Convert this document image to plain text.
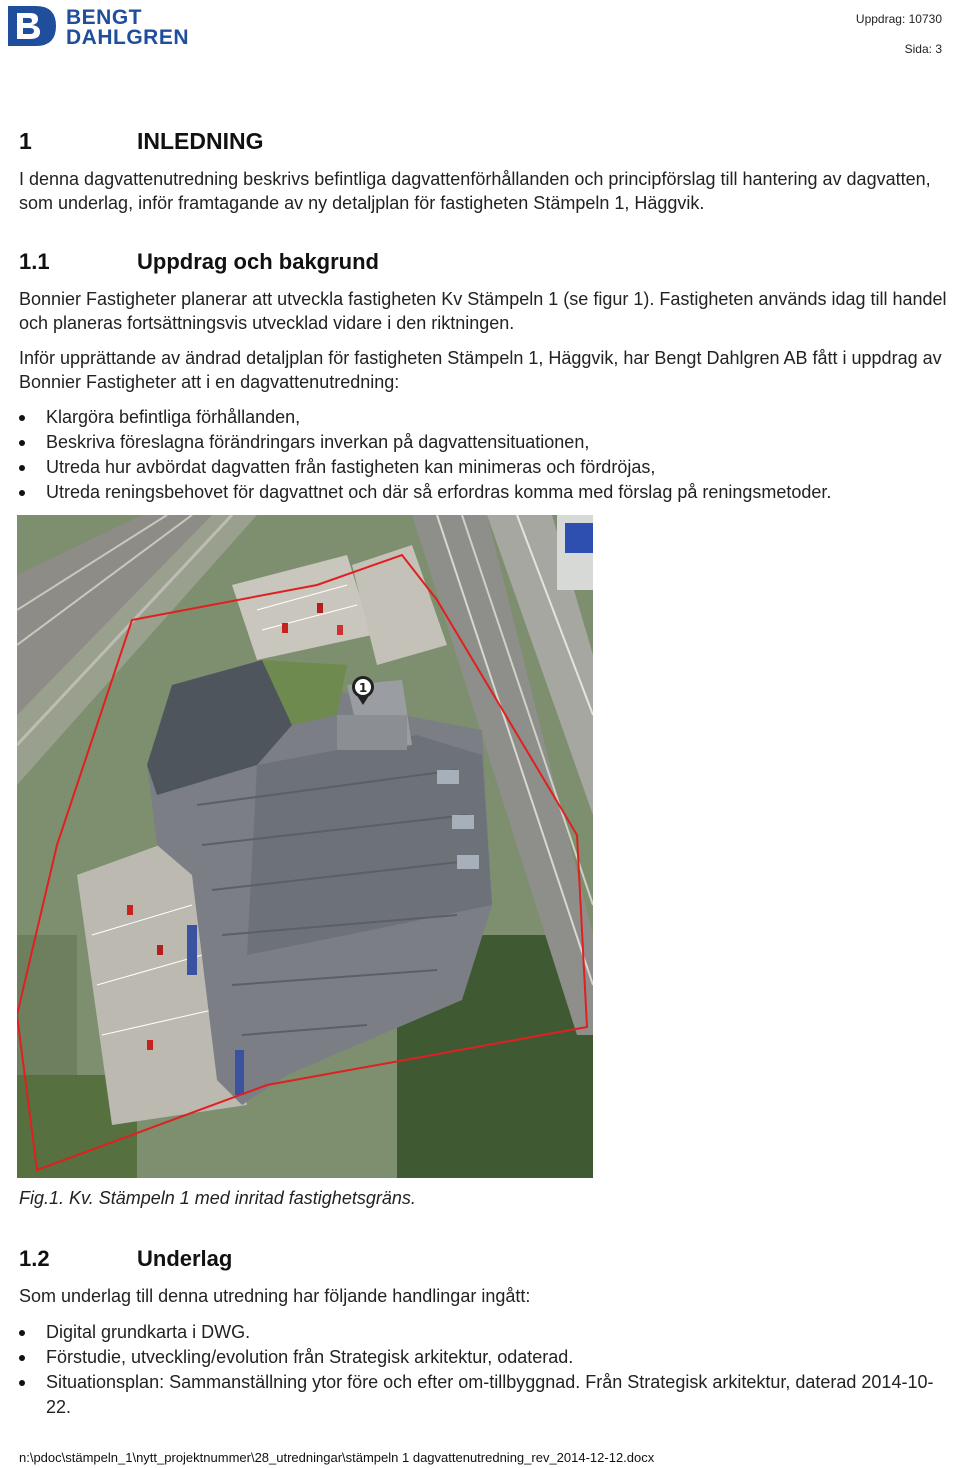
BENGT
DAHLGREN
Uppdrag: 10730
Sida: 3
1	INLEDNING
I denna dagvattenutredning beskrivs befintliga dagvattenförhållanden och principförslag till hantering av dagvatten, som underlag, inför framtagande av ny detaljplan för fastigheten Stämpeln 1, Häggvik.
1.1	Uppdrag och bakgrund
Bonnier Fastigheter planerar att utveckla fastigheten Kv Stämpeln 1 (se figur 1). Fastigheten används idag till handel och planeras fortsättningsvis utvecklad vidare i den riktningen.
Inför upprättande av ändrad detaljplan för fastigheten Stämpeln 1, Häggvik, har Bengt Dahlgren AB fått i uppdrag av Bonnier Fastigheter att i en dagvattenutredning:
Klargöra befintliga förhållanden,
Beskriva föreslagna förändringars inverkan på dagvattensituationen,
Utreda hur avbördat dagvatten från fastigheten kan minimeras och fördröjas,
Utreda reningsbehovet för dagvattnet och där så erfordras komma med förslag på reningsmetoder.
1
Fig.1. Kv. Stämpeln 1 med inritad fastighetsgräns.
1.2	Underlag
Som underlag till denna utredning har följande handlingar ingått:
Digital grundkarta i DWG.
Förstudie, utveckling/evolution från Strategisk arkitektur, odaterad.
Situationsplan: Sammanställning ytor före och efter om-tillbyggnad. Från Strategisk arkitektur, daterad 2014-10-22.
n:\pdoc\stämpeln_1\nytt_projektnummer\28_utredningar\stämpeln 1 dagvattenutredning_rev_2014-12-12.docx
